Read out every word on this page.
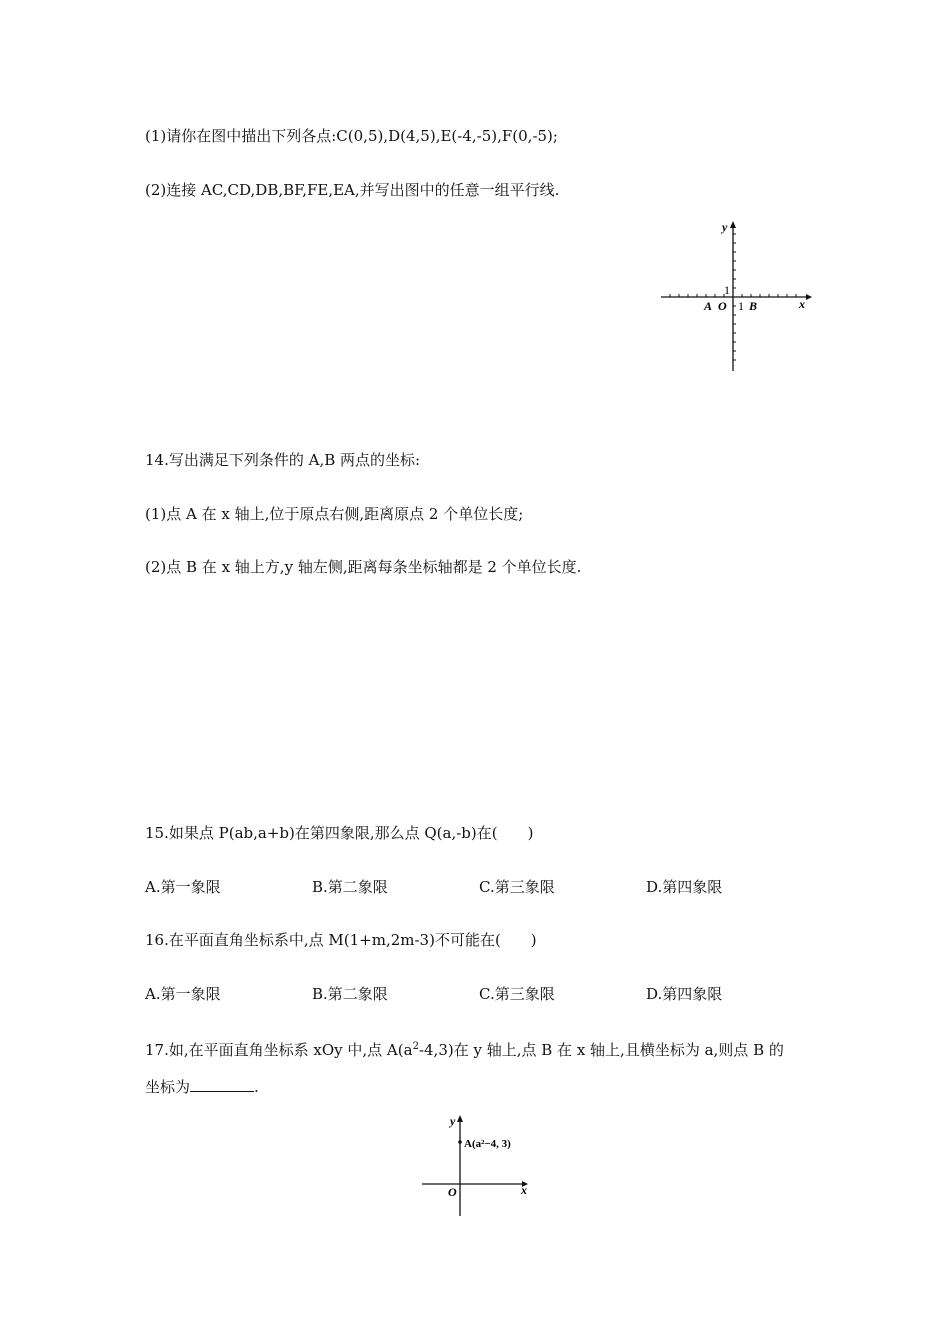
(1)请你在图中描出下列各点:C(0,5),D(4,5),E(-4,-5),F(0,-5);
(2)连接 AC,CD,DB,BF,FE,EA,并写出图中的任意一组平行线.
y
x
1
A O 1 B
14.写出满足下列条件的 A,B 两点的坐标:
(1)点 A 在 x 轴上,位于原点右侧,距离原点 2 个单位长度;
(2)点 B 在 x 轴上方,y 轴左侧,距离每条坐标轴都是 2 个单位长度.
15.如果点 P(ab,a+b)在第四象限,那么点 Q(a,-b)在( )
A.第一象限	B.第二象限	C.第三象限	D.第四象限
16.在平面直角坐标系中,点 M(1+m,2m-3)不可能在( )
A.第一象限	B.第二象限	C.第三象限	D.第四象限
17.如,在平面直角坐标系 xOy 中,点 $A(a^2-4,3)$在 y 轴上,点 B 在 x 轴上,且横坐标为 a,则点 B 的
坐标为	.
y
x
O
A(a²−4, 3)
